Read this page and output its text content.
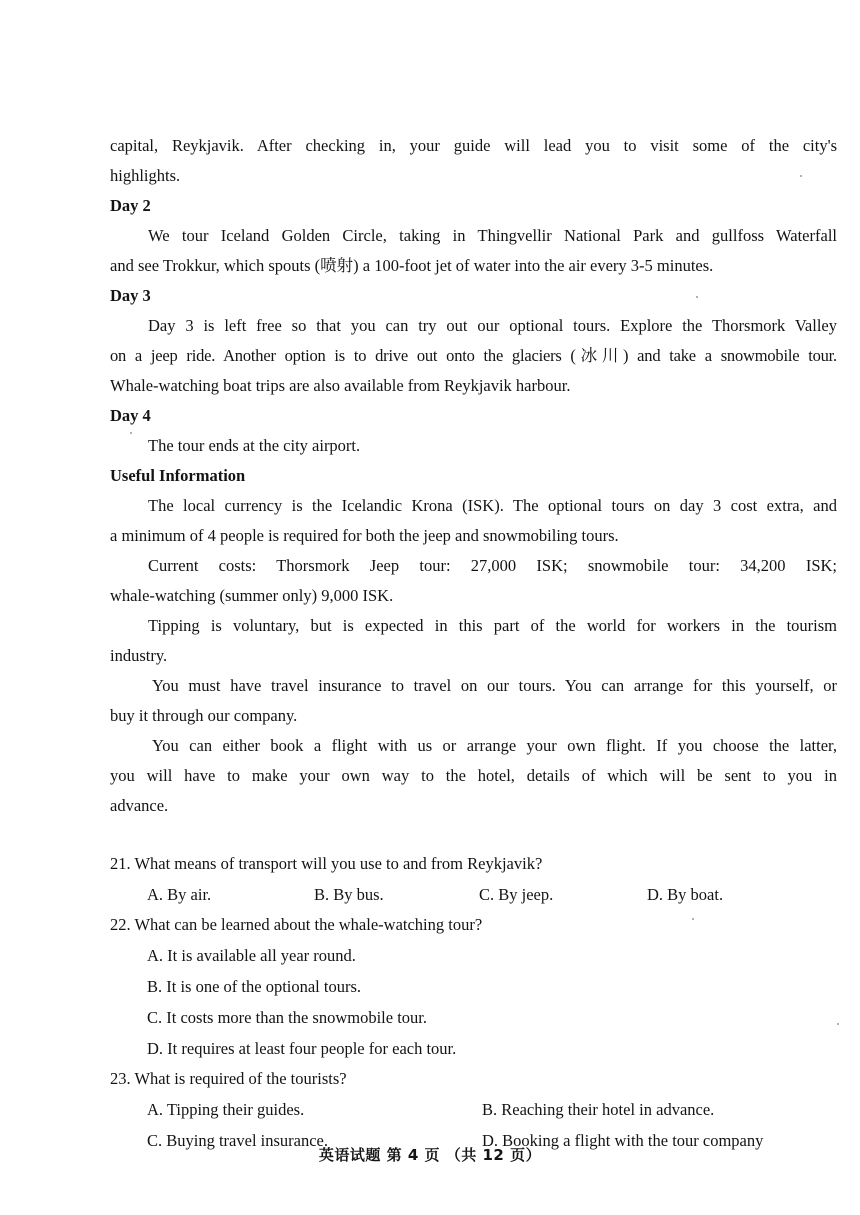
capital, Reykjavik. After checking in, your guide will lead you to visit some of the city's
highlights.
Day 2
We tour Iceland Golden Circle, taking in Thingvellir National Park and gullfoss Waterfall
and see Trokkur, which spouts (喷射) a 100-foot jet of water into the air every 3-5 minutes.
Day 3
Day 3 is left free so that you can try out our optional tours. Explore the Thorsmork Valley
on a jeep ride. Another option is to drive out onto the glaciers (冰川) and take a snowmobile tour.
Whale-watching boat trips are also available from Reykjavik harbour.
Day 4
The tour ends at the city airport.
Useful Information
The local currency is the Icelandic Krona (ISK). The optional tours on day 3 cost extra, and
a minimum of 4 people is required for both the jeep and snowmobiling tours.
Current costs: Thorsmork Jeep tour: 27,000 ISK; snowmobile tour: 34,200 ISK;
whale-watching (summer only) 9,000 ISK.
Tipping is voluntary, but is expected in this part of the world for workers in the tourism
industry.
You must have travel insurance to travel on our tours. You can arrange for this yourself, or
buy it through our company.
You can either book a flight with us or arrange your own flight. If you choose the latter,
you will have to make your own way to the hotel, details of which will be sent to you in
advance.
21. What means of transport will you use to and from Reykjavik?
A. By air.	B. By bus.	C. By jeep.	D. By boat.
22. What can be learned about the whale-watching tour?
A. It is available all year round.
B. It is one of the optional tours.
C. It costs more than the snowmobile tour.
D. It requires at least four people for each tour.
23. What is required of the tourists?
A. Tipping their guides.	B. Reaching their hotel in advance.
C. Buying travel insurance.	D. Booking a flight with the tour company
英语试题 第 4 页 （共 12 页）
